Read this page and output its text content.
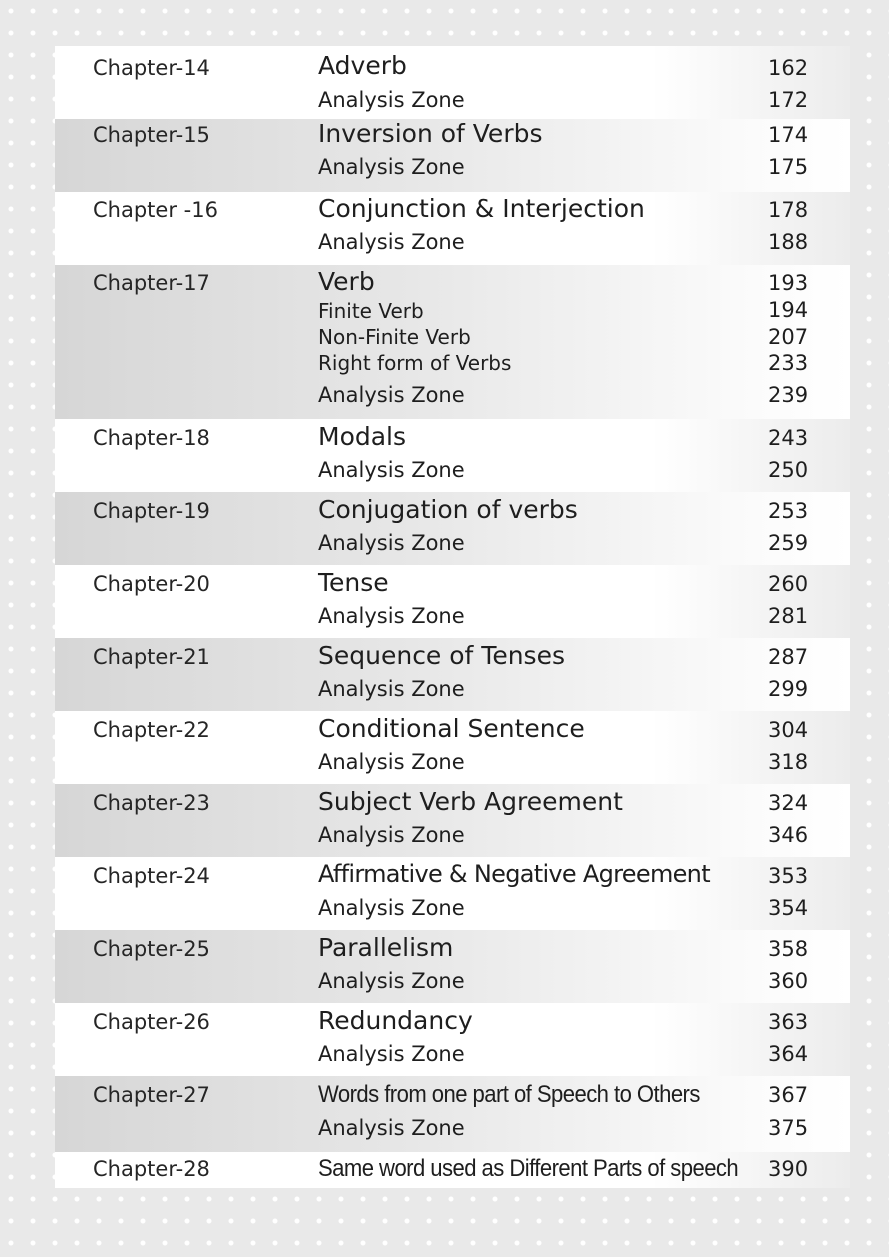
Chapter-14	Adverb	162
Analysis Zone	172
Chapter-15	Inversion of Verbs	174
Analysis Zone	175
Chapter -16	Conjunction & Interjection	178
Analysis Zone	188
Chapter-17	Verb	193
Finite Verb	194
Non-Finite Verb	207
Right form of Verbs	233
Analysis Zone	239
Chapter-18	Modals	243
Analysis Zone	250
Chapter-19	Conjugation of verbs	253
Analysis Zone	259
Chapter-20	Tense	260
Analysis Zone	281
Chapter-21	Sequence of Tenses	287
Analysis Zone	299
Chapter-22	Conditional Sentence	304
Analysis Zone	318
Chapter-23	Subject Verb Agreement	324
Analysis Zone	346
Chapter-24	Affirmative & Negative Agreement	353
Analysis Zone	354
Chapter-25	Parallelism	358
Analysis Zone	360
Chapter-26	Redundancy	363
Analysis Zone	364
Chapter-27	Words from one part of Speech to Others	367
Analysis Zone	375
Chapter-28	Same word used as Different Parts of speech 390
